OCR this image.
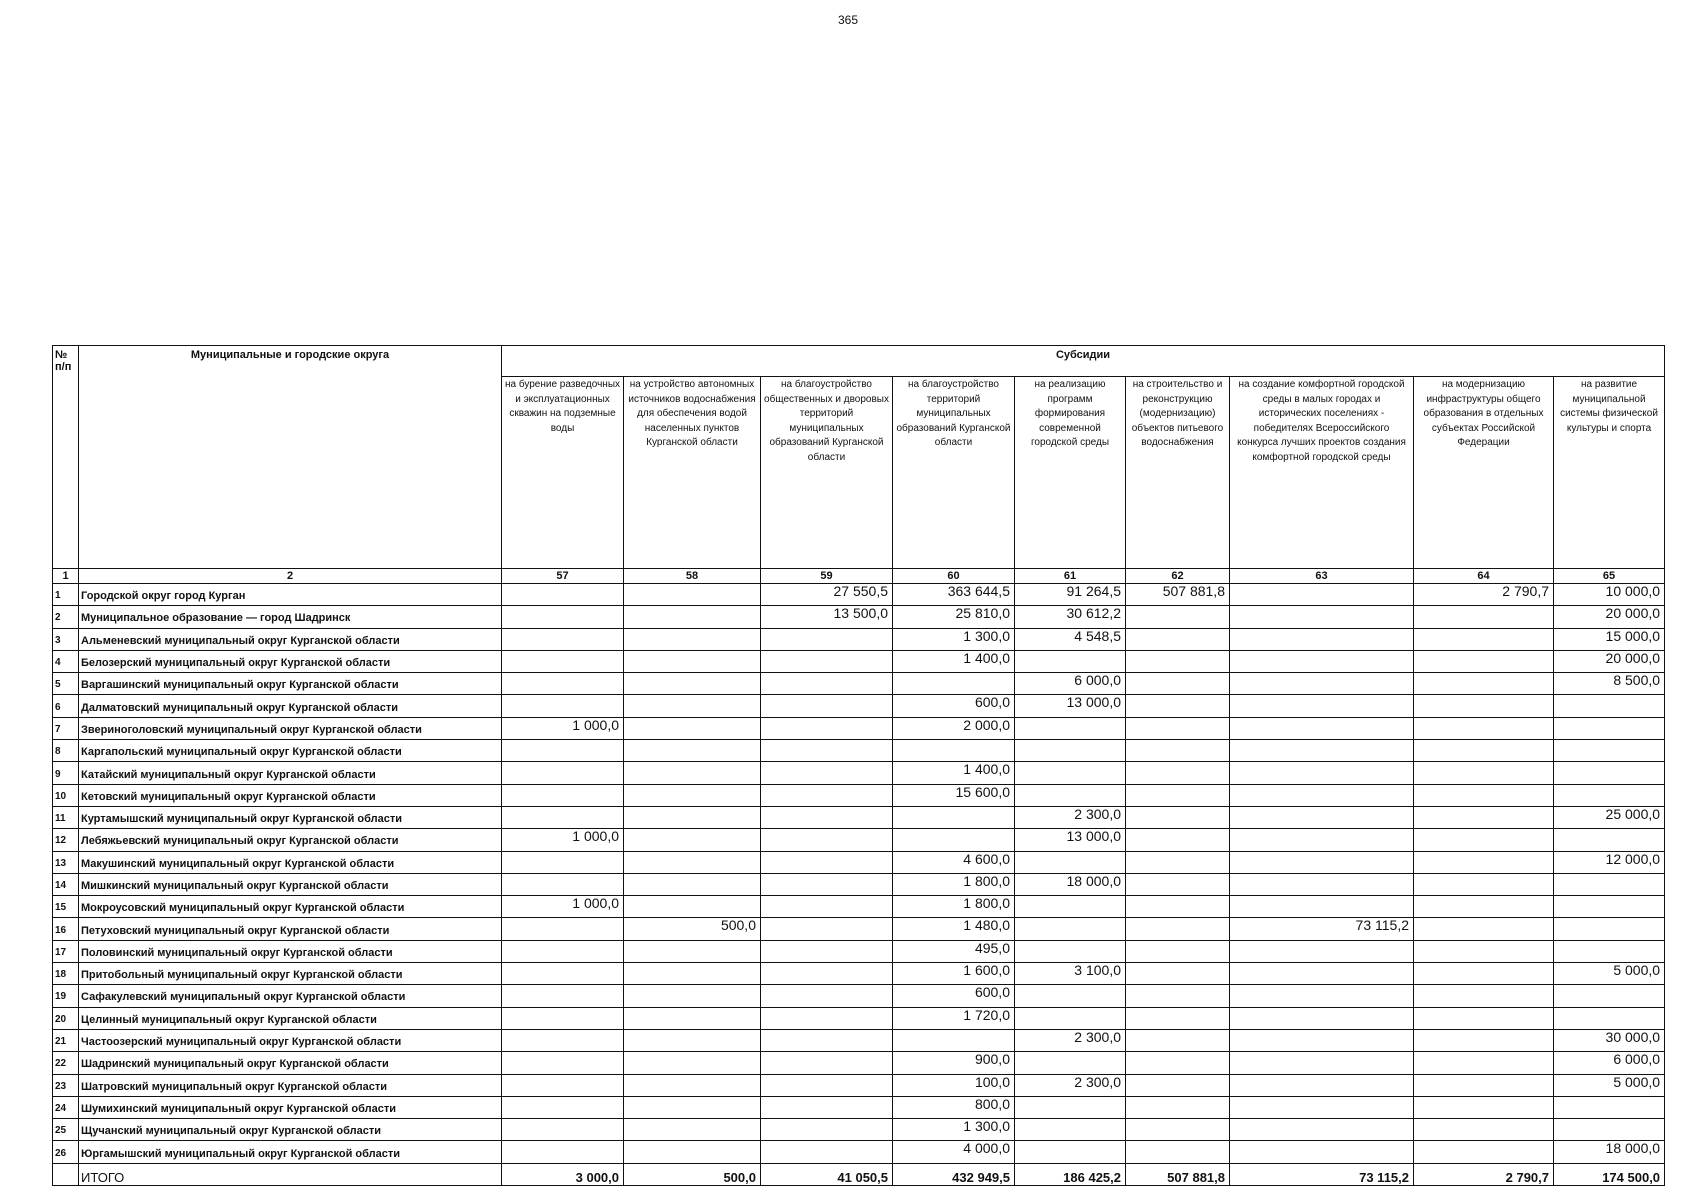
365
№ п/п	Муниципальные и городские округа	Субсидии								
		на бурение разведочных и эксплуатационных скважин на подземные воды	на устройство автономных источников водоснабжения для обеспечения водой населенных пунктов Курганской области	на благоустройство общественных и дворовых территорий муниципальных образований Курганской области	на благоустройство территорий муниципальных образований Курганской области	на реализацию программ формирования современной городской среды	на строительство и реконструкцию (модернизацию) объектов питьевого водоснабжения	на создание комфортной городской среды в малых городах и исторических поселениях - победителях Всероссийского конкурса лучших проектов создания комфортной городской среды	на модернизацию инфраструктуры общего образования в отдельных субъектах Российской Федерации	на развитие муниципальной системы физической культуры и спорта
1	2	57	58	59	60	61	62	63	64	65
1	Городской округ город Курган			27 550,5	363 644,5	91 264,5	507 881,8		2 790,7	10 000,0
2	Муниципальное образование — город Шадринск			13 500,0	25 810,0	30 612,2				20 000,0
3	Альменевский муниципальный округ Курганской области				1 300,0	4 548,5				15 000,0
4	Белозерский муниципальный округ Курганской области				1 400,0					20 000,0
5	Варгашинский муниципальный округ Курганской области					6 000,0				8 500,0
6	Далматовский муниципальный округ Курганской области				600,0	13 000,0				
7	Звериноголовский муниципальный округ Курганской области	1 000,0			2 000,0					
8	Каргапольский муниципальный округ Курганской области									
9	Катайский муниципальный округ Курганской области				1 400,0					
10	Кетовский муниципальный округ Курганской области				15 600,0					
11	Куртамышский муниципальный округ Курганской области					2 300,0				25 000,0
12	Лебяжьевский муниципальный округ Курганской области	1 000,0				13 000,0				
13	Макушинский муниципальный округ Курганской области				4 600,0					12 000,0
14	Мишкинский муниципальный округ Курганской области				1 800,0	18 000,0				
15	Мокроусовский муниципальный округ Курганской области	1 000,0			1 800,0					
16	Петуховский муниципальный округ Курганской области		500,0		1 480,0			73 115,2		
17	Половинский муниципальный округ Курганской области				495,0					
18	Притобольный муниципальный округ Курганской области				1 600,0	3 100,0				5 000,0
19	Сафакулевский муниципальный округ Курганской области				600,0					
20	Целинный муниципальный округ Курганской области				1 720,0					
21	Частоозерский муниципальный округ Курганской области					2 300,0				30 000,0
22	Шадринский муниципальный округ Курганской области				900,0					6 000,0
23	Шатровский муниципальный округ Курганской области				100,0	2 300,0				5 000,0
24	Шумихинский муниципальный округ Курганской области				800,0					
25	Щучанский муниципальный округ Курганской области				1 300,0					
26	Юргамышский муниципальный округ Курганской области				4 000,0					18 000,0
	ИТОГО	3 000,0	500,0	41 050,5	432 949,5	186 425,2	507 881,8	73 115,2	2 790,7	174 500,0
